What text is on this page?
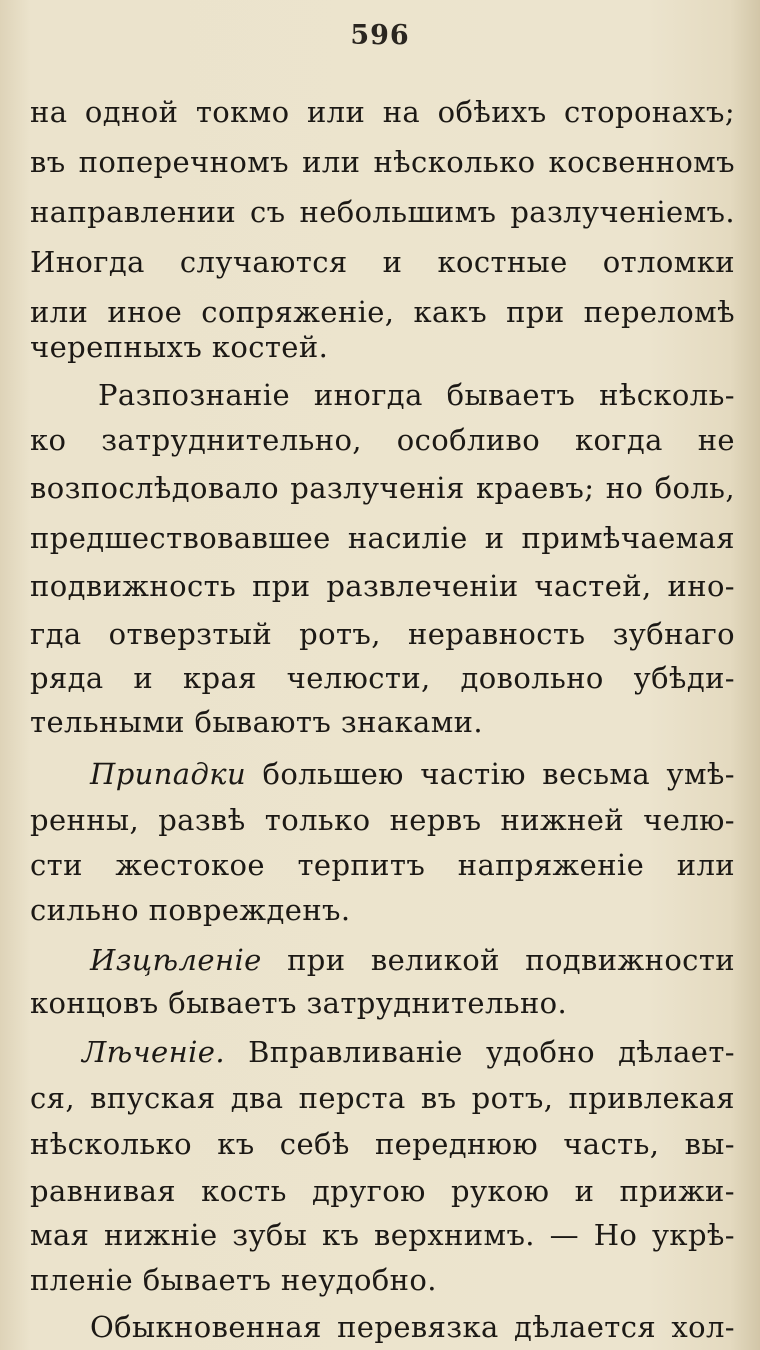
596
на одной токмо или на обѣихъ сторонахъ;
въ поперечномъ или нѣсколько косвенномъ
направлении съ небольшимъ разлученіемъ.
Иногда случаются и костные отломки
или иное сопряженіе, какъ при переломѣ
черепныхъ костей.
Разпознаніе иногда бываетъ нѣсколь-
ко затруднительно, особливо когда не
возпослѣдовало разлученія краевъ; но боль,
предшествовавшее насиліе и примѣчаемая
подвижность при развлеченіи частей, ино-
гда отверзтый ротъ, неравность зубнаго
ряда и края челюсти, довольно убѣди-
тельными бываютъ знаками.
Припадки большею частію весьма умѣ-
ренны, развѣ только нервъ нижней челю-
сти жестокое терпитъ напряженіе или
сильно поврежденъ.
Изцѣленіе при великой подвижности
концовъ бываетъ затруднительно.
Лѣченіе. Вправливаніе удобно дѣлает-
ся, впуская два перста въ ротъ, привлекая
нѣсколько къ себѣ переднюю часть, вы-
равнивая кость другою рукою и прижи-
мая нижніе зубы къ верхнимъ. — Но укрѣ-
пленіе бываетъ неудобно.
Обыкновенная перевязка дѣлается хол-
